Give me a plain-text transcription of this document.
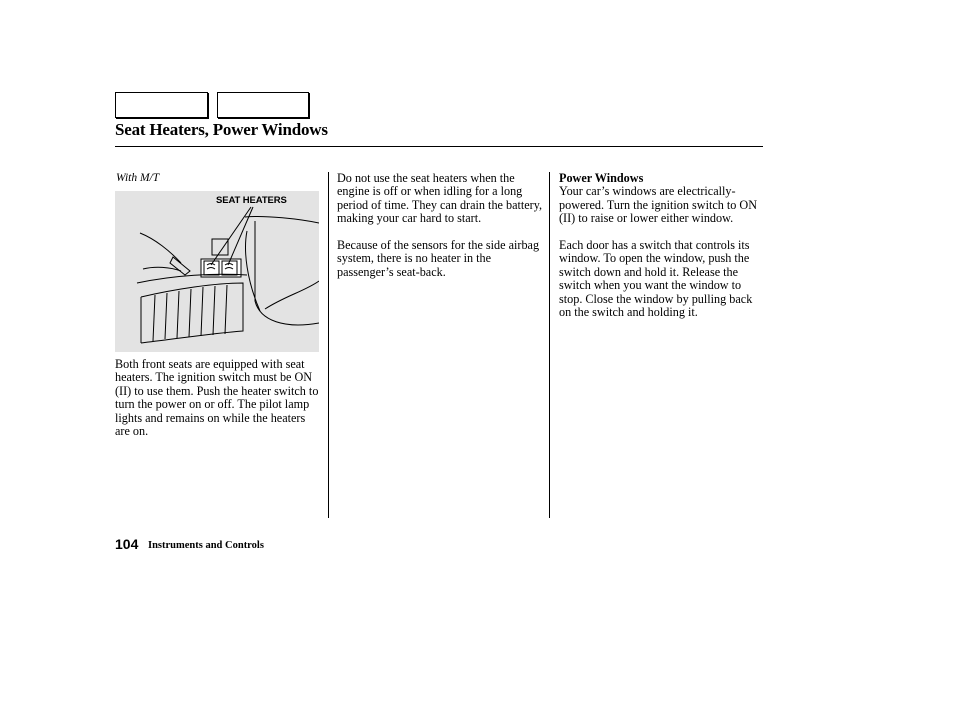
Seat Heaters, Power Windows
With M/T
SEAT HEATERS

Both front seats are equipped with seat heaters. The ignition switch must be ON (II) to use them. Push the heater switch to turn the power on or off. The pilot lamp lights and remains on while the heaters are on.

Do not use the seat heaters when the engine is off or when idling for a long period of time. They can drain the battery, making your car hard to start.

Because of the sensors for the side airbag system, there is no heater in the passenger’s seat-back.

Power Windows

Your car’s windows are electrically-powered. Turn the ignition switch to ON (II) to raise or lower either window.

Each door has a switch that controls its window. To open the window, push the switch down and hold it. Release the switch when you want the window to stop. Close the window by pulling back on the switch and holding it.

104 Instruments and Controls
